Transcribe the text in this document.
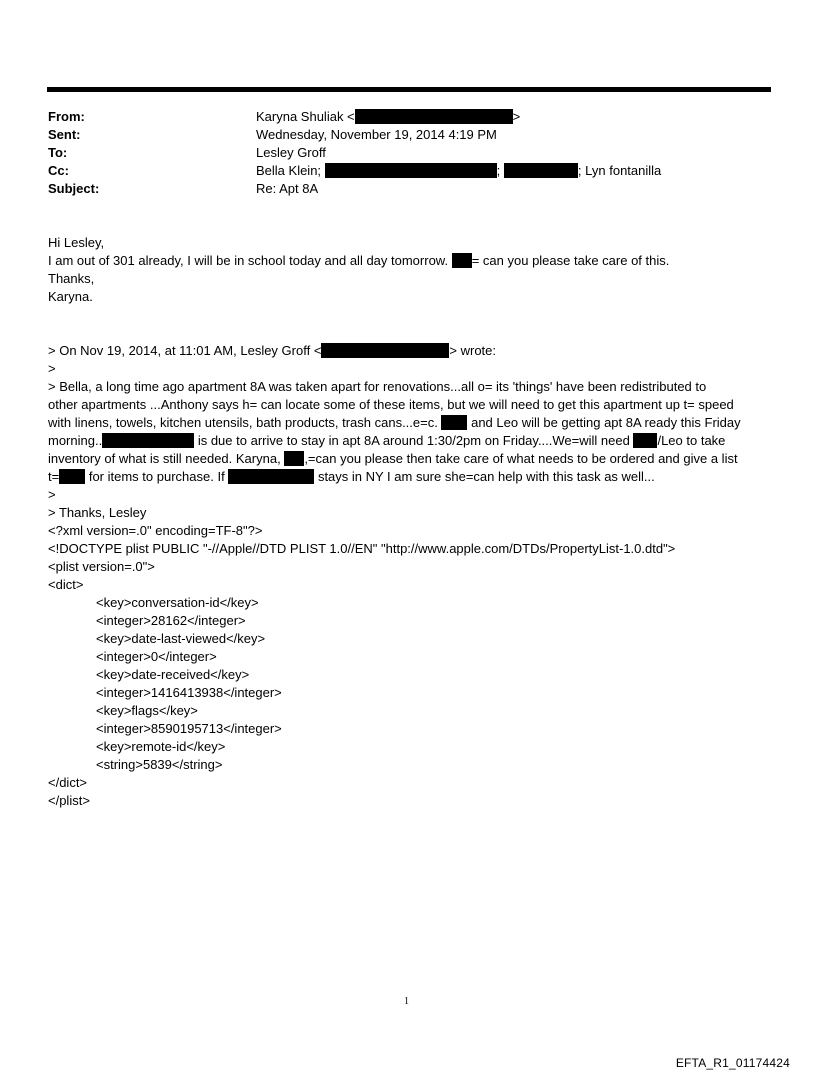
From:	Karyna Shuliak <	>
Sent:	Wednesday, November 19, 2014 4:19 PM
To:	Lesley Groff
Cc:	Bella Klein;	;	; Lyn fontanilla
Subject:	Re: Apt 8A
Hi Lesley,
I am out of 301 already, I will be in school today and all day tomorrow. = can you please take care of this.
Thanks,
Karyna.
> On Nov 19, 2014, at 11:01 AM, Lesley Groff <	> wrote:
>
> Bella, a long time ago apartment 8A was taken apart for renovations...all o= its 'things' have been redistributed to
other apartments ...Anthony says h= can locate some of these items, but we will need to get this apartment up t= speed
with linens, towels, kitchen utensils, bath products, trash cans...e=c.	and Leo will be getting apt 8A ready this Friday
morning..	is due to arrive to stay in apt 8A around 1:30/2pm on Friday....We=will need /Leo to take
inventory of what is still needed. Karyna, ,=can you please then take care of what needs to be ordered and give a list
t= for items to purchase. If	stays in NY I am sure she=can help with this task as well...
>
> Thanks, Lesley
<?xml version=.0" encoding=TF-8"?>
<!DOCTYPE plist PUBLIC "-//Apple//DTD PLIST 1.0//EN" "http://www.apple.com/DTDs/PropertyList-1.0.dtd">
<plist version=.0">
<dict>
<key>conversation-id</key>
<integer>28162</integer>
<key>date-last-viewed</key>
<integer>0</integer>
<key>date-received</key>
<integer>1416413938</integer>
<key>flags</key>
<integer>8590195713</integer>
<key>remote-id</key>
<string>5839</string>
</dict>
</plist>
1
EFTA_R1_01174424
